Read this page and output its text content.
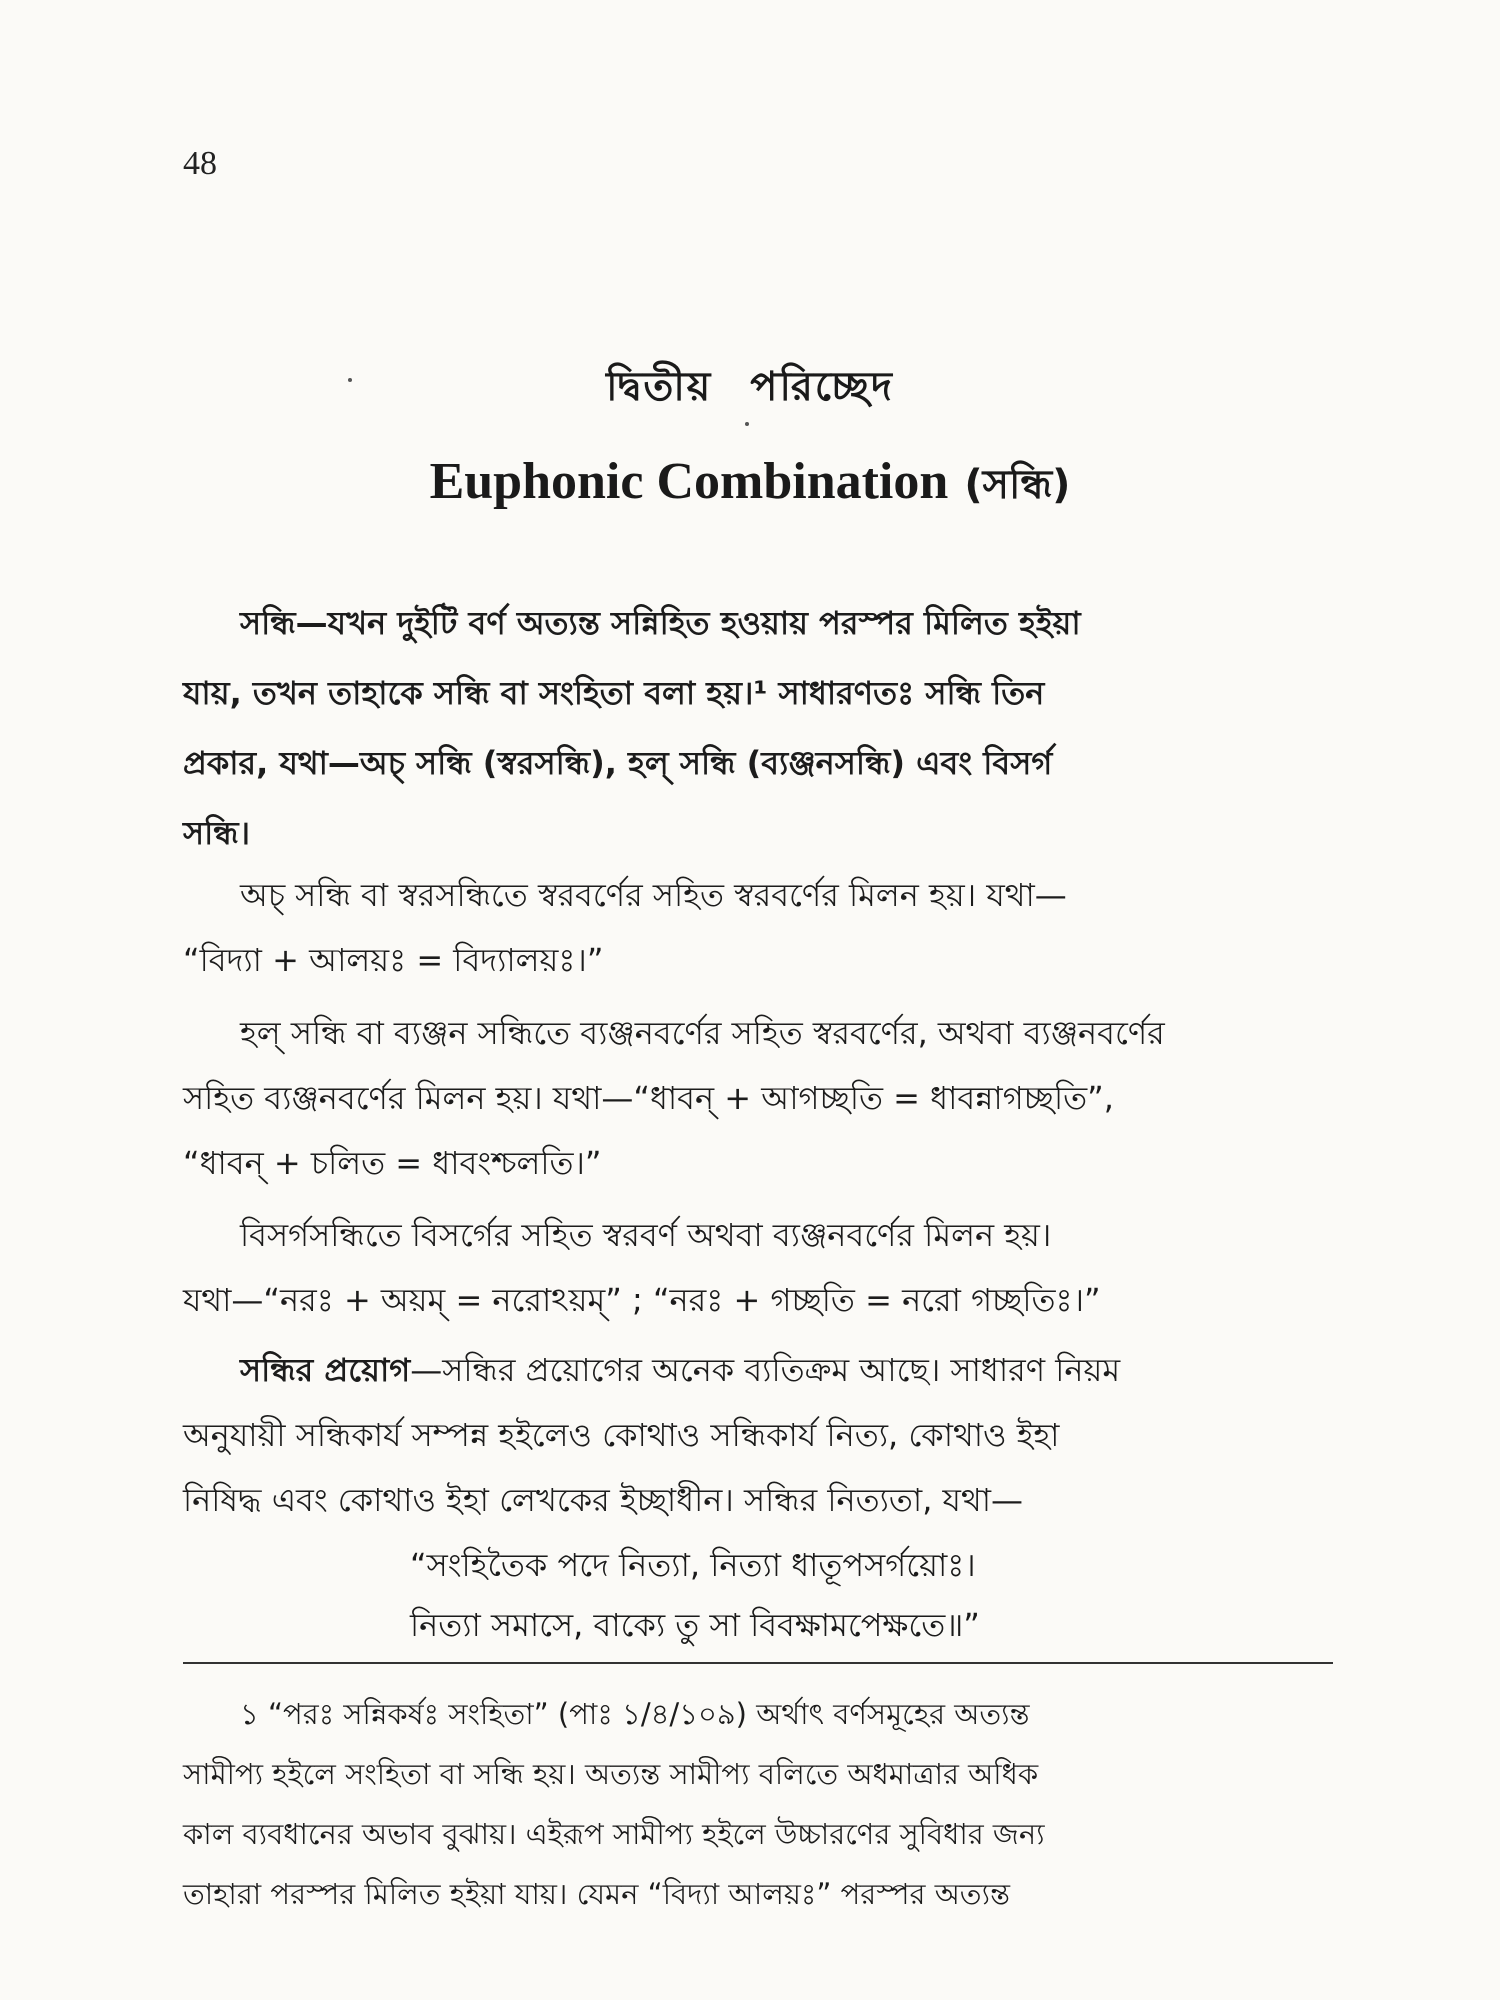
48
দ্বিতীয় পরিচ্ছেদ
Euphonic Combination (সন্ধি)
সন্ধি—যখন দুইটি বর্ণ অত্যন্ত সন্নিহিত হওয়ায় পরস্পর মিলিত হইয়া
যায়, তখন তাহাকে সন্ধি বা সংহিতা বলা হয়।¹ সাধারণতঃ সন্ধি তিন
প্রকার, যথা—অচ্ সন্ধি (স্বরসন্ধি), হল্ সন্ধি (ব্যঞ্জনসন্ধি) এবং বিসর্গ
সন্ধি।
অচ্ সন্ধি বা স্বরসন্ধিতে স্বরবর্ণের সহিত স্বরবর্ণের মিলন হয়। যথা—
“বিদ্যা + আলয়ঃ = বিদ্যালয়ঃ।”
হল্ সন্ধি বা ব্যঞ্জন সন্ধিতে ব্যঞ্জনবর্ণের সহিত স্বরবর্ণের, অথবা ব্যঞ্জনবর্ণের
সহিত ব্যঞ্জনবর্ণের মিলন হয়। যথা—“ধাবন্ + আগচ্ছতি = ধাবন্নাগচ্ছতি”,
“ধাবন্ + চলিত = ধাবংশ্চলতি।”
বিসর্গসন্ধিতে বিসর্গের সহিত স্বরবর্ণ অথবা ব্যঞ্জনবর্ণের মিলন হয়।
যথা—“নরঃ + অয়ম্ = নরোঽয়ম্” ; “নরঃ + গচ্ছতি = নরো গচ্ছতিঃ।”
সন্ধির প্রয়োগ—সন্ধির প্রয়োগের অনেক ব্যতিক্রম আছে। সাধারণ নিয়ম
অনুযায়ী সন্ধিকার্য সম্পন্ন হইলেও কোথাও সন্ধিকার্য নিত্য, কোথাও ইহা
নিষিদ্ধ এবং কোথাও ইহা লেখকের ইচ্ছাধীন। সন্ধির নিত্যতা, যথা—
“সংহিতৈক পদে নিত্যা, নিত্যা ধাতূপসর্গয়োঃ।
নিত্যা সমাসে, বাক্যে তু সা বিবক্ষামপেক্ষতে॥”
১ “পরঃ সন্নিকর্ষঃ সংহিতা” (পাঃ ১/৪/১০৯) অর্থাৎ বর্ণসমূহের অত্যন্ত
সামীপ্য হইলে সংহিতা বা সন্ধি হয়। অত্যন্ত সামীপ্য বলিতে অধমাত্রার অধিক
কাল ব্যবধানের অভাব বুঝায়। এইরূপ সামীপ্য হইলে উচ্চারণের সুবিধার জন্য
তাহারা পরস্পর মিলিত হইয়া যায়। যেমন “বিদ্যা আলয়ঃ” পরস্পর অত্যন্ত
